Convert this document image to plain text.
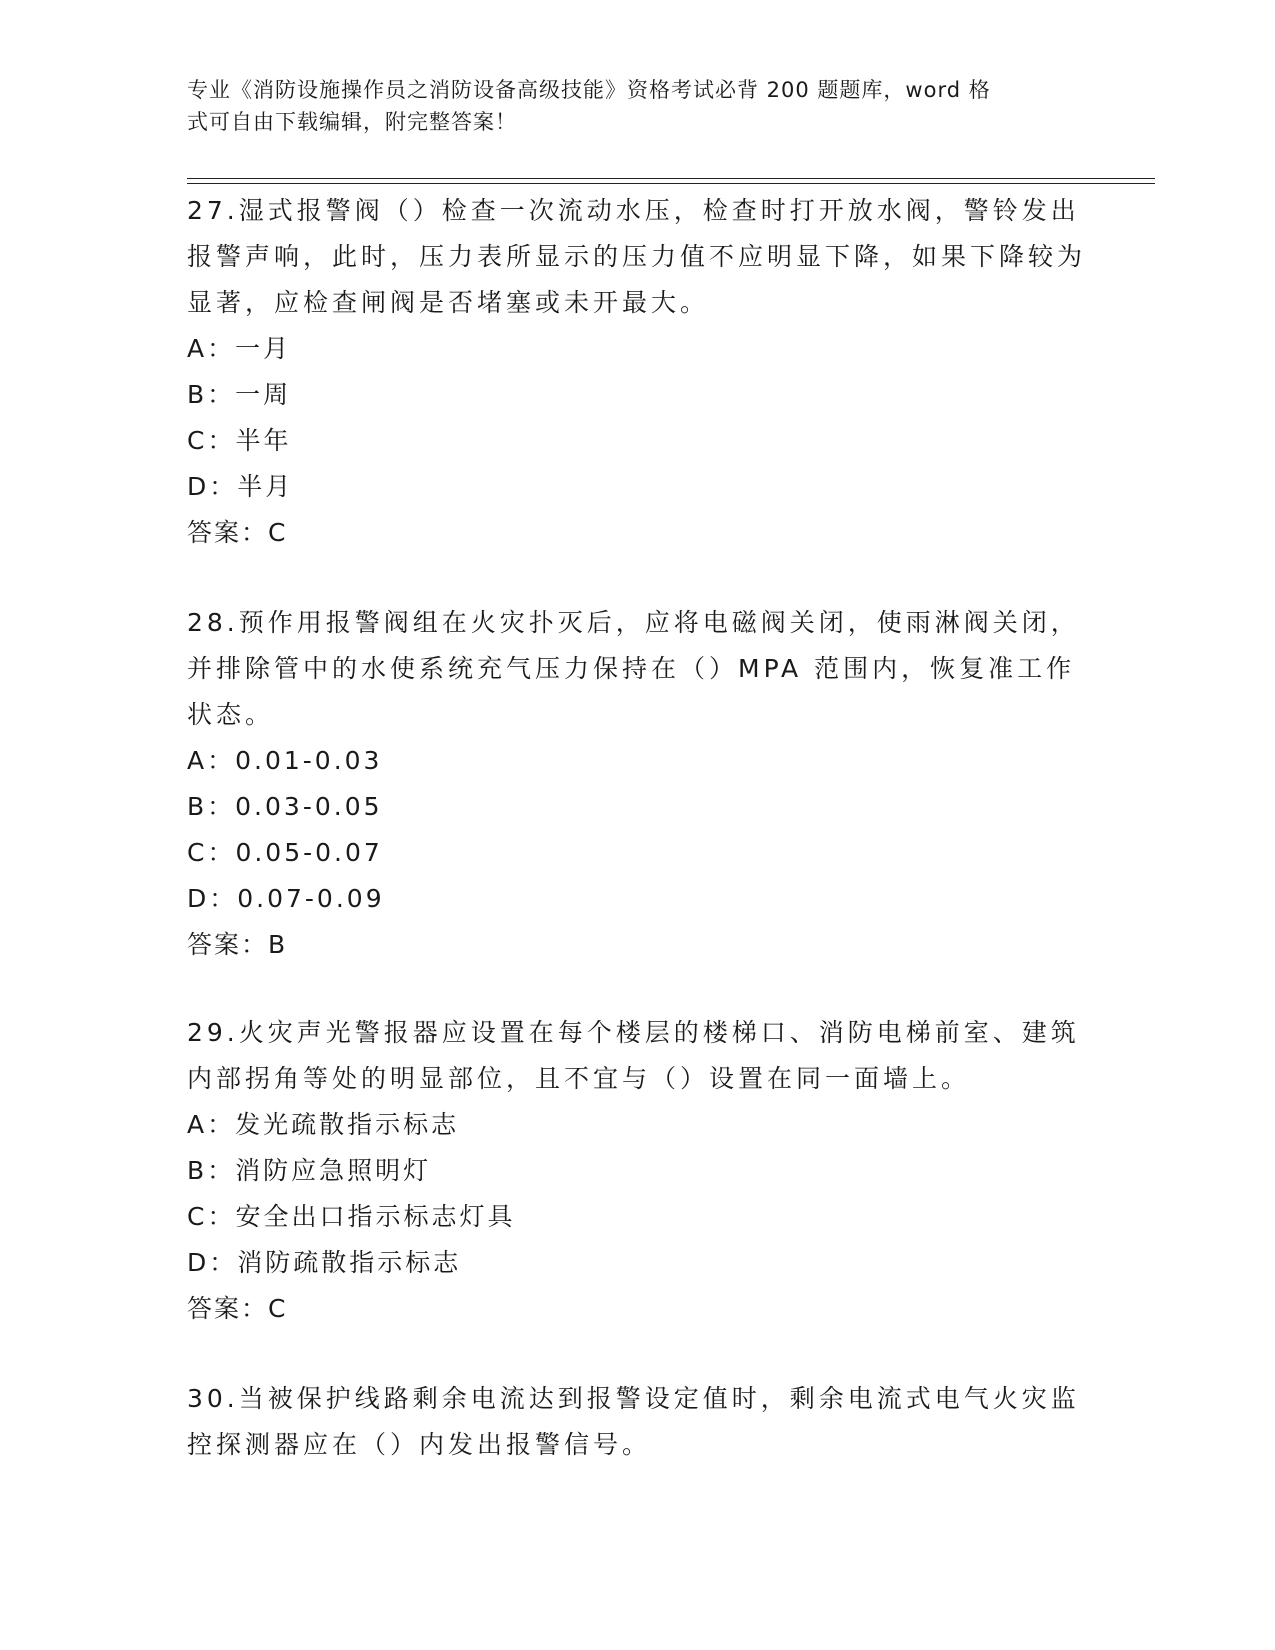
专业《消防设施操作员之消防设备高级技能》资格考试必背 200 题题库，word 格
式可自由下载编辑，附完整答案！

27.湿式报警阀（）检查一次流动水压，检查时打开放水阀，警铃发出报警声响，此时，压力表所显示的压力值不应明显下降，如果下降较为显著，应检查闸阀是否堵塞或未开最大。

A：一月

B：一周

C：半年

D：半月

答案：C

28.预作用报警阀组在火灾扑灭后，应将电磁阀关闭，使雨淋阀关闭，并排除管中的水使系统充气压力保持在（）MPA 范围内，恢复准工作状态。

A：0.01-0.03

B：0.03-0.05

C：0.05-0.07

D：0.07-0.09

答案：B

29.火灾声光警报器应设置在每个楼层的楼梯口、消防电梯前室、建筑内部拐角等处的明显部位，且不宜与（）设置在同一面墙上。

A：发光疏散指示标志

B：消防应急照明灯

C：安全出口指示标志灯具

D：消防疏散指示标志

答案：C

30.当被保护线路剩余电流达到报警设定值时，剩余电流式电气火灾监控探测器应在（）内发出报警信号。
